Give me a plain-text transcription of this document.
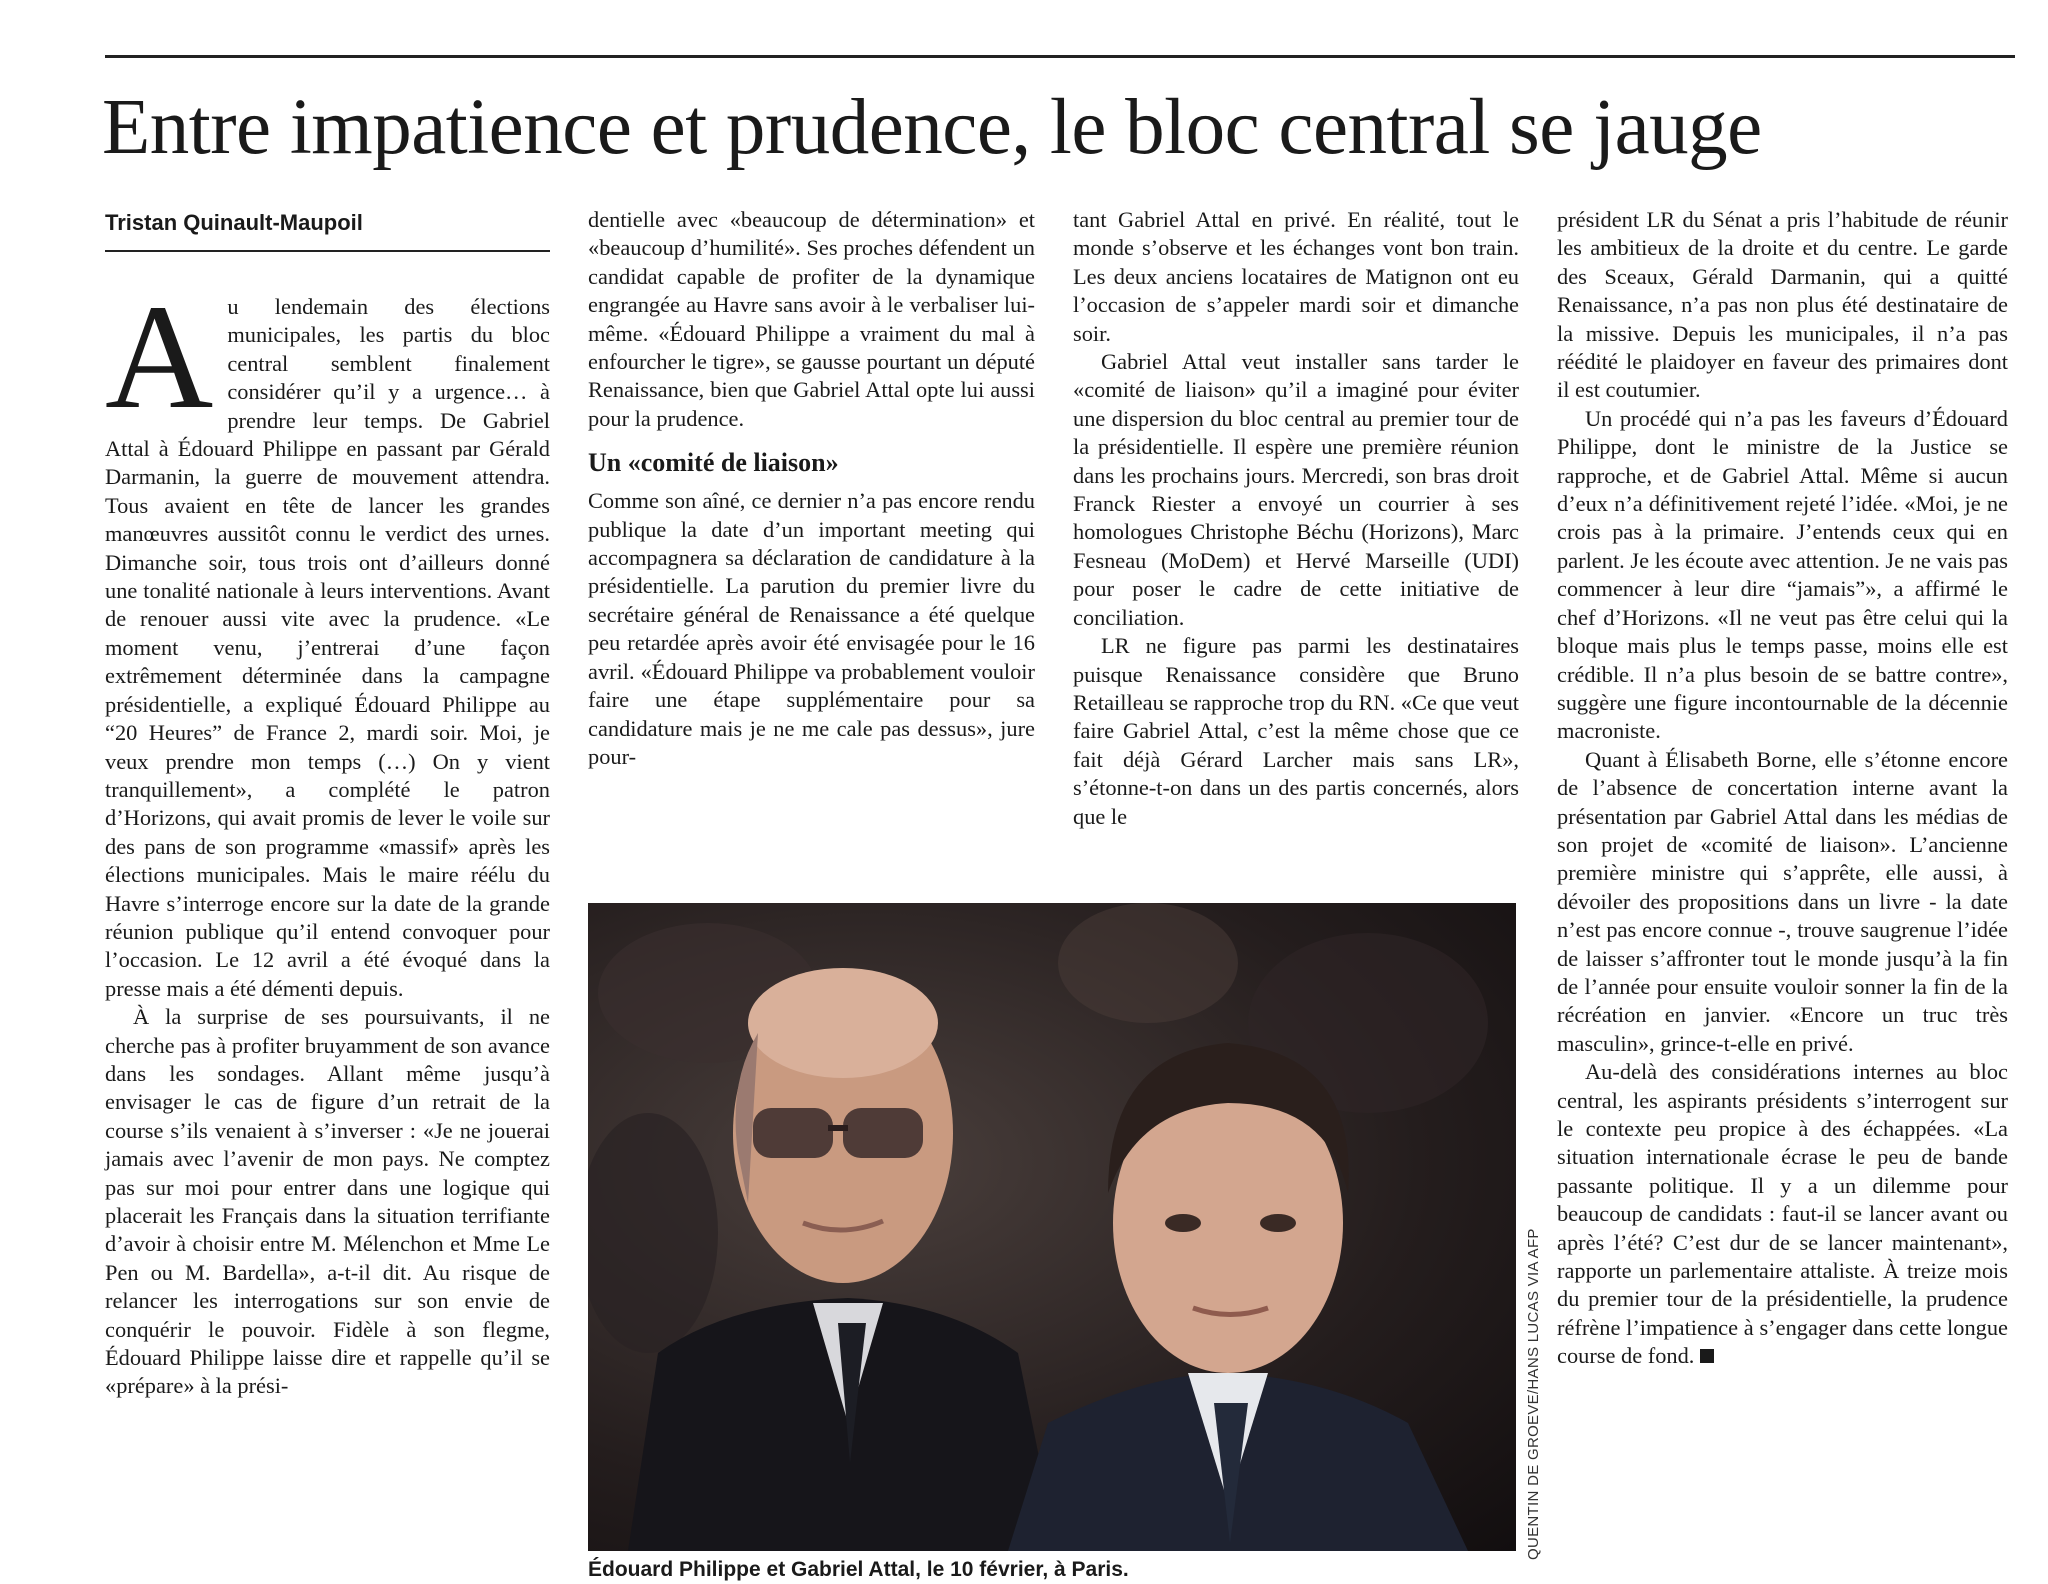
Entre impatience et prudence, le bloc central se jauge
Tristan Quinault-Maupoil

Au lendemain des élections municipales, les partis du bloc central semblent finalement considérer qu’il y a urgence… à prendre leur temps. De Gabriel Attal à Édouard Philippe en passant par Gérald Darmanin, la guerre de mouvement attendra. Tous avaient en tête de lancer les grandes manœuvres aussitôt connu le verdict des urnes. Dimanche soir, tous trois ont d’ailleurs donné une tonalité nationale à leurs interventions. Avant de renouer aussi vite avec la prudence. «Le moment venu, j’entrerai d’une façon extrêmement déterminée dans la campagne présidentielle, a expliqué Édouard Philippe au “20 Heures” de France 2, mardi soir. Moi, je veux prendre mon temps (…) On y vient tranquillement», a complété le patron d’Horizons, qui avait promis de lever le voile sur des pans de son programme «massif» après les élections municipales. Mais le maire réélu du Havre s’interroge encore sur la date de la grande réunion publique qu’il entend convoquer pour l’occasion. Le 12 avril a été évoqué dans la presse mais a été démenti depuis.

À la surprise de ses poursuivants, il ne cherche pas à profiter bruyamment de son avance dans les sondages. Allant même jusqu’à envisager le cas de figure d’un retrait de la course s’ils venaient à s’inverser : «Je ne jouerai jamais avec l’avenir de mon pays. Ne comptez pas sur moi pour entrer dans une logique qui placerait les Français dans la situation terrifiante d’avoir à choisir entre M. Mélenchon et Mme Le Pen ou M. Bardella», a-t-il dit. Au risque de relancer les interrogations sur son envie de conquérir le pouvoir. Fidèle à son flegme, Édouard Philippe laisse dire et rappelle qu’il se «prépare» à la prési-

dentielle avec «beaucoup de détermination» et «beaucoup d’humilité». Ses proches défendent un candidat capable de profiter de la dynamique engrangée au Havre sans avoir à le verbaliser lui-même. «Édouard Philippe a vraiment du mal à enfourcher le tigre», se gausse pourtant un député Renaissance, bien que Gabriel Attal opte lui aussi pour la prudence.

Un «comité de liaison»

Comme son aîné, ce dernier n’a pas encore rendu publique la date d’un important meeting qui accompagnera sa déclaration de candidature à la présidentielle. La parution du premier livre du secrétaire général de Renaissance a été quelque peu retardée après avoir été envisagée pour le 16 avril. «Édouard Philippe va probablement vouloir faire une étape supplémentaire pour sa candidature mais je ne me cale pas dessus», jure pour-

tant Gabriel Attal en privé. En réalité, tout le monde s’observe et les échanges vont bon train. Les deux anciens locataires de Matignon ont eu l’occasion de s’appeler mardi soir et dimanche soir.

Gabriel Attal veut installer sans tarder le «comité de liaison» qu’il a imaginé pour éviter une dispersion du bloc central au premier tour de la présidentielle. Il espère une première réunion dans les prochains jours. Mercredi, son bras droit Franck Riester a envoyé un courrier à ses homologues Christophe Béchu (Horizons), Marc Fesneau (MoDem) et Hervé Marseille (UDI) pour poser le cadre de cette initiative de conciliation.

LR ne figure pas parmi les destinataires puisque Renaissance considère que Bruno Retailleau se rapproche trop du RN. «Ce que veut faire Gabriel Attal, c’est la même chose que ce fait déjà Gérard Larcher mais sans LR», s’étonne-t-on dans un des partis concernés, alors que le

président LR du Sénat a pris l’habitude de réunir les ambitieux de la droite et du centre. Le garde des Sceaux, Gérald Darmanin, qui a quitté Renaissance, n’a pas non plus été destinataire de la missive. Depuis les municipales, il n’a pas réédité le plaidoyer en faveur des primaires dont il est coutumier.

Un procédé qui n’a pas les faveurs d’Édouard Philippe, dont le ministre de la Justice se rapproche, et de Gabriel Attal. Même si aucun d’eux n’a définitivement rejeté l’idée. «Moi, je ne crois pas à la primaire. J’entends ceux qui en parlent. Je les écoute avec attention. Je ne vais pas commencer à leur dire “jamais”», a affirmé le chef d’Horizons. «Il ne veut pas être celui qui la bloque mais plus le temps passe, moins elle est crédible. Il n’a plus besoin de se battre contre», suggère une figure incontournable de la décennie macroniste.

Quant à Élisabeth Borne, elle s’étonne encore de l’absence de concertation interne avant la présentation par Gabriel Attal dans les médias de son projet de «comité de liaison». L’ancienne première ministre qui s’apprête, elle aussi, à dévoiler des propositions dans un livre - la date n’est pas encore connue -, trouve saugrenue l’idée de laisser s’affronter tout le monde jusqu’à la fin de l’année pour ensuite vouloir sonner la fin de la récréation en janvier. «Encore un truc très masculin», grince-t-elle en privé.

Au-delà des considérations internes au bloc central, les aspirants présidents s’interrogent sur le contexte peu propice à des échappées. «La situation internationale écrase le peu de bande passante politique. Il y a un dilemme pour beaucoup de candidats : faut-il se lancer avant ou après l’été? C’est dur de se lancer maintenant», rapporte un parlementaire attaliste. À treize mois du premier tour de la présidentielle, la prudence réfrène l’impatience à s’engager dans cette longue course de fond.

QUENTIN DE GROEVE/HANS LUCAS VIA AFP
Édouard Philippe et Gabriel Attal, le 10 février, à Paris.
